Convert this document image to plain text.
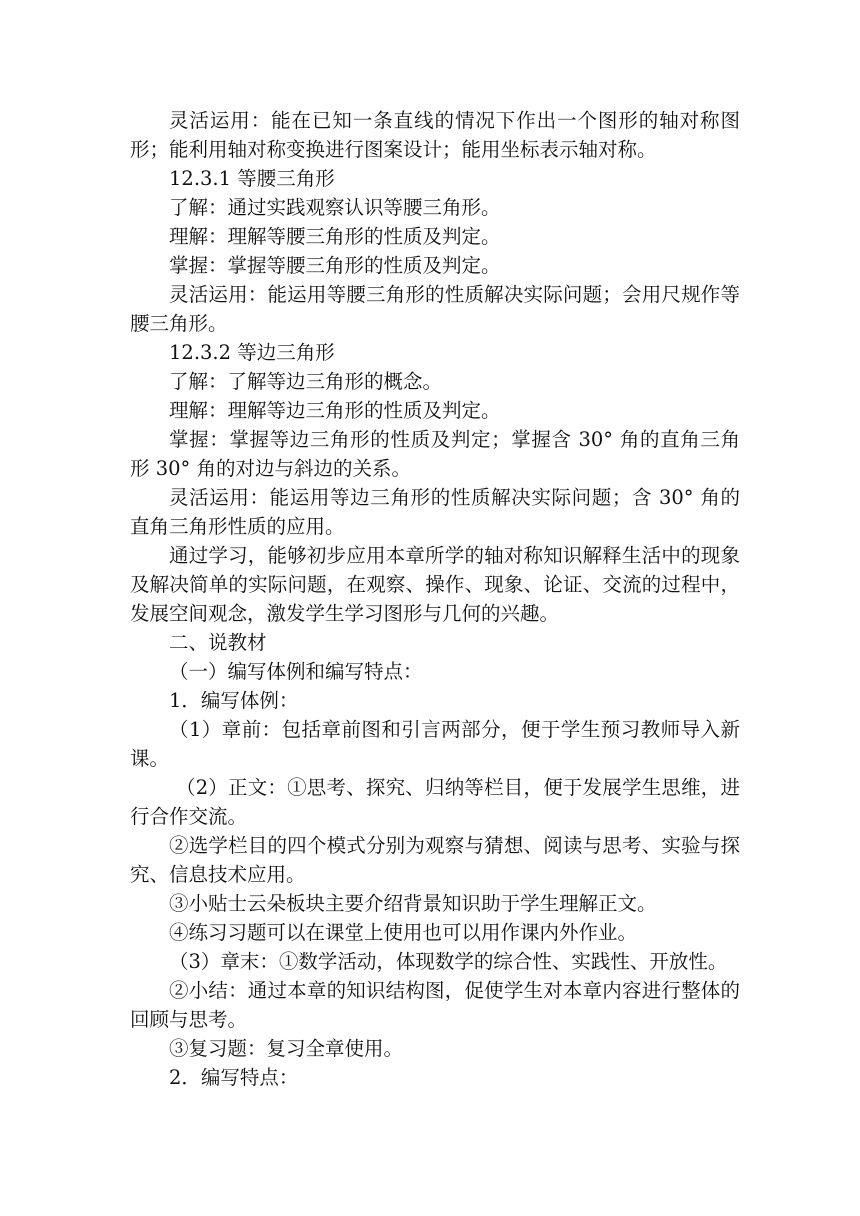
灵活运用：能在已知一条直线的情况下作出一个图形的轴对称图形；能利用轴对称变换进行图案设计；能用坐标表示轴对称。

12.3.1 等腰三角形

了解：通过实践观察认识等腰三角形。

理解：理解等腰三角形的性质及判定。

掌握：掌握等腰三角形的性质及判定。

灵活运用：能运用等腰三角形的性质解决实际问题；会用尺规作等腰三角形。

12.3.2 等边三角形

了解：了解等边三角形的概念。

理解：理解等边三角形的性质及判定。

掌握：掌握等边三角形的性质及判定；掌握含 30° 角的直角三角形 30° 角的对边与斜边的关系。

灵活运用：能运用等边三角形的性质解决实际问题；含 30° 角的直角三角形性质的应用。

通过学习，能够初步应用本章所学的轴对称知识解释生活中的现象及解决简单的实际问题，在观察、操作、现象、论证、交流的过程中，发展空间观念，激发学生学习图形与几何的兴趣。

二、说教材

（一）编写体例和编写特点：

1．编写体例：

（1）章前：包括章前图和引言两部分，便于学生预习教师导入新课。

（2）正文：①思考、探究、归纳等栏目，便于发展学生思维，进行合作交流。

②选学栏目的四个模式分别为观察与猜想、阅读与思考、实验与探究、信息技术应用。

③小贴士云朵板块主要介绍背景知识助于学生理解正文。

④练习习题可以在课堂上使用也可以用作课内外作业。

（3）章末：①数学活动，体现数学的综合性、实践性、开放性。

②小结：通过本章的知识结构图，促使学生对本章内容进行整体的回顾与思考。

③复习题：复习全章使用。

2．编写特点：
